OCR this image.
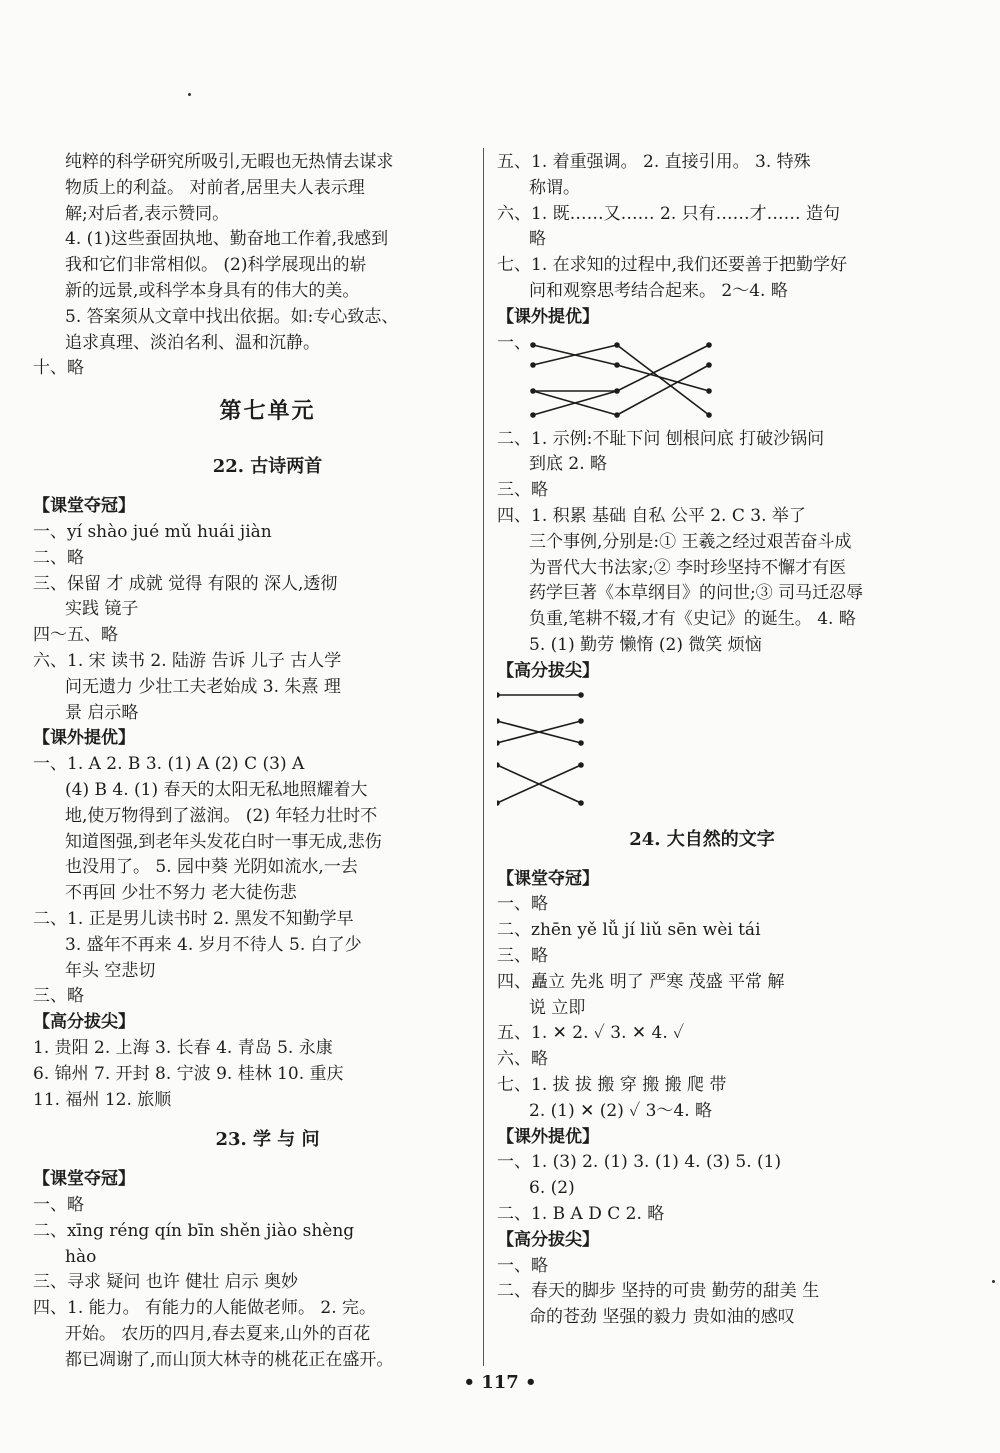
纯粹的科学研究所吸引,无暇也无热情去谋求
物质上的利益。 对前者,居里夫人表示理
解;对后者,表示赞同。
4. (1)这些蚕固执地、勤奋地工作着,我感到
我和它们非常相似。 (2)科学展现出的崭
新的远景,或科学本身具有的伟大的美。
5. 答案须从文章中找出依据。如:专心致志、
追求真理、淡泊名利、温和沉静。
十、略
第七单元
22. 古诗两首
【课堂夺冠】
一、yí shào jué mǔ huái jiàn
二、略
三、保留 才 成就 觉得 有限的 深人,透彻
实践 镜子
四～五、略
六、1. 宋 读书 2. 陆游 告诉 儿子 古人学
问无遗力 少壮工夫老始成 3. 朱熹 理
景 启示略
【课外提优】
一、1. A 2. B 3. (1) A (2) C (3) A
(4) B 4. (1) 春天的太阳无私地照耀着大
地,使万物得到了滋润。 (2) 年轻力壮时不
知道图强,到老年头发花白时一事无成,悲伤
也没用了。 5. 园中葵 光阴如流水,一去
不再回 少壮不努力 老大徒伤悲
二、1. 正是男儿读书时 2. 黑发不知勤学早
3. 盛年不再来 4. 岁月不待人 5. 白了少
年头 空悲切
三、略
【高分拔尖】
1. 贵阳 2. 上海 3. 长春 4. 青岛 5. 永康
6. 锦州 7. 开封 8. 宁波 9. 桂林 10. 重庆
11. 福州 12. 旅顺
23. 学 与 问
【课堂夺冠】
一、略
二、xīng réng qín bīn shěn jiào shèng
hào
三、寻求 疑问 也许 健壮 启示 奥妙
四、1. 能力。 有能力的人能做老师。 2. 完。
开始。 农历的四月,春去夏来,山外的百花
都已凋谢了,而山顶大林寺的桃花正在盛开。
五、1. 着重强调。 2. 直接引用。 3. 特殊
称谓。
六、1. 既……又…… 2. 只有……才…… 造句
略
七、1. 在求知的过程中,我们还要善于把勤学好
问和观察思考结合起来。 2～4. 略
【课外提优】
一、
二、1. 示例:不耻下问 刨根问底 打破沙锅问
到底 2. 略
三、略
四、1. 积累 基础 自私 公平 2. C 3. 举了
三个事例,分别是:① 王羲之经过艰苦奋斗成
为晋代大书法家;② 李时珍坚持不懈才有医
药学巨著《本草纲目》的问世;③ 司马迁忍辱
负重,笔耕不辍,才有《史记》的诞生。 4. 略
5. (1) 勤劳 懒惰 (2) 微笑 烦恼
【高分拔尖】
24. 大自然的文字
【课堂夺冠】
一、略
二、zhēn yě lǚ jí liǔ sēn wèi tái
三、略
四、矗立 先兆 明了 严寒 茂盛 平常 解
说 立即
五、1. ✕ 2. ✓ 3. ✕ 4. ✓
六、略
七、1. 拔 拔 搬 穿 搬 搬 爬 带
2. (1) ✕ (2) ✓ 3～4. 略
【课外提优】
一、1. (3) 2. (1) 3. (1) 4. (3) 5. (1)
6. (2)
二、1. B A D C 2. 略
【高分拔尖】
一、略
二、春天的脚步 坚持的可贵 勤劳的甜美 生
命的苍劲 坚强的毅力 贵如油的感叹
• 117 •
